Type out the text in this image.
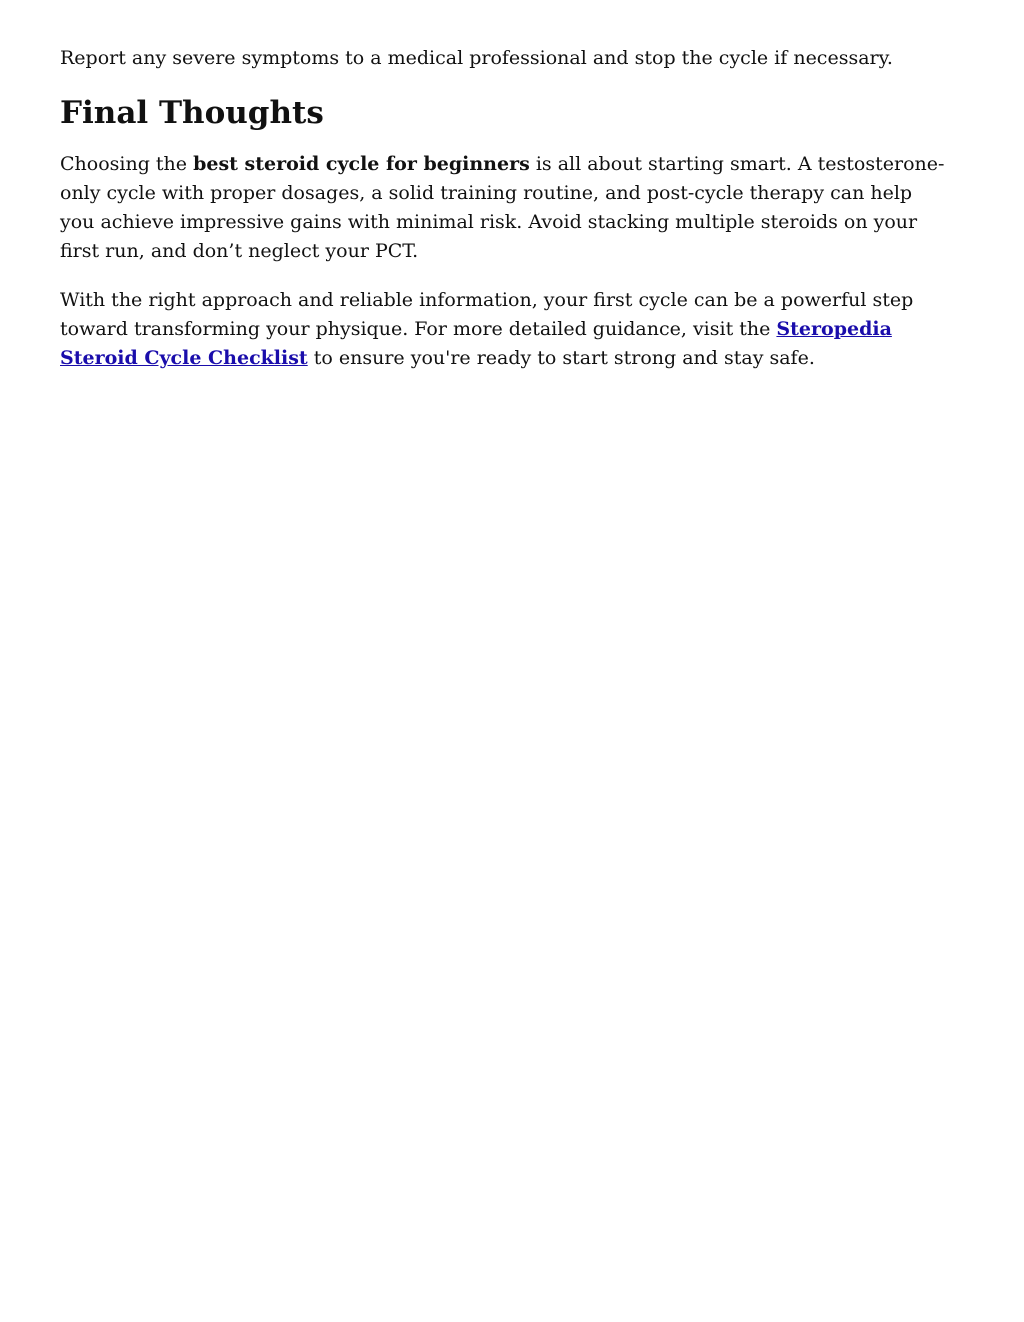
Report any severe symptoms to a medical professional and stop the cycle if necessary.

Final Thoughts

Choosing the best steroid cycle for beginners is all about starting smart. A testosterone-only cycle with proper dosages, a solid training routine, and post-cycle therapy can help you achieve impressive gains with minimal risk. Avoid stacking multiple steroids on your first run, and don’t neglect your PCT.

With the right approach and reliable information, your first cycle can be a powerful step toward transforming your physique. For more detailed guidance, visit the Steropedia Steroid Cycle Checklist to ensure you're ready to start strong and stay safe.
